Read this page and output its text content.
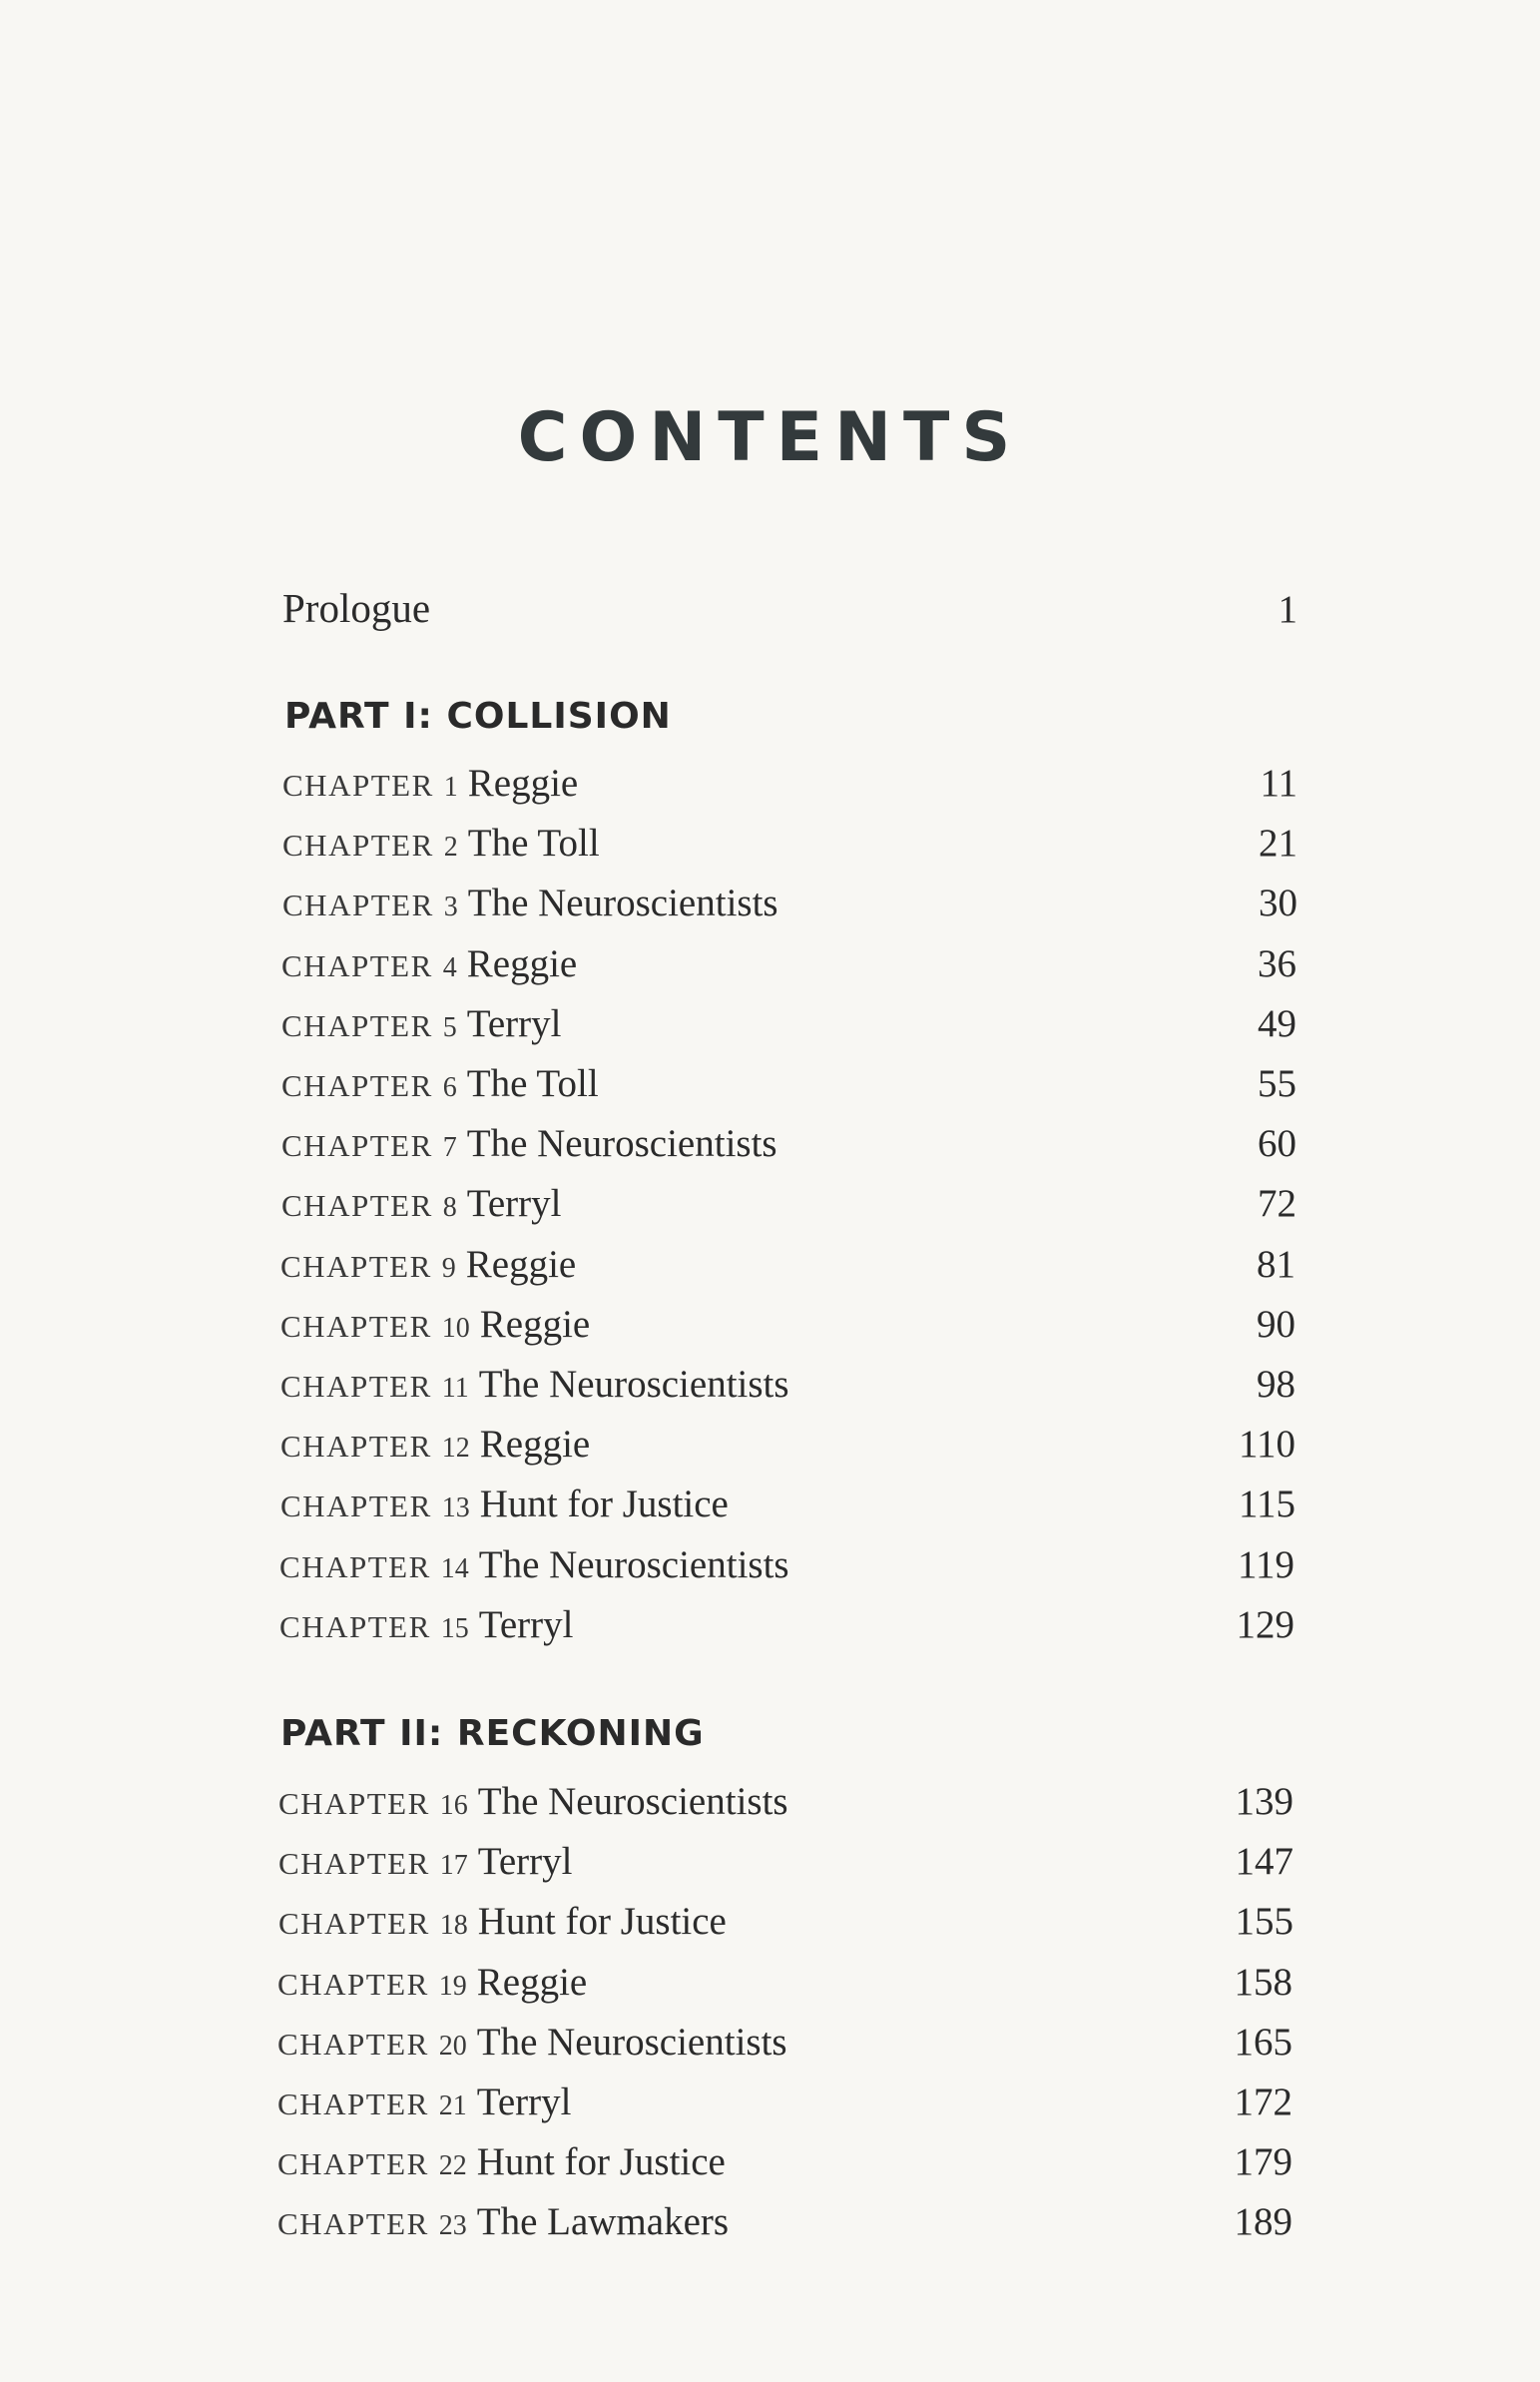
CONTENTS
Prologue	1
PART I: COLLISION
CHAPTER 1 Reggie	11
CHAPTER 2 The Toll	21
CHAPTER 3 The Neuroscientists	30
CHAPTER 4 Reggie	36
CHAPTER 5 Terryl	49
CHAPTER 6 The Toll	55
CHAPTER 7 The Neuroscientists	60
CHAPTER 8 Terryl	72
CHAPTER 9 Reggie	81
CHAPTER 10 Reggie	90
CHAPTER 11 The Neuroscientists	98
CHAPTER 12 Reggie	110
CHAPTER 13 Hunt for Justice	115
CHAPTER 14 The Neuroscientists	119
CHAPTER 15 Terryl	129
PART II: RECKONING
CHAPTER 16 The Neuroscientists	139
CHAPTER 17 Terryl	147
CHAPTER 18 Hunt for Justice	155
CHAPTER 19 Reggie	158
CHAPTER 20 The Neuroscientists	165
CHAPTER 21 Terryl	172
CHAPTER 22 Hunt for Justice	179
CHAPTER 23 The Lawmakers	189
